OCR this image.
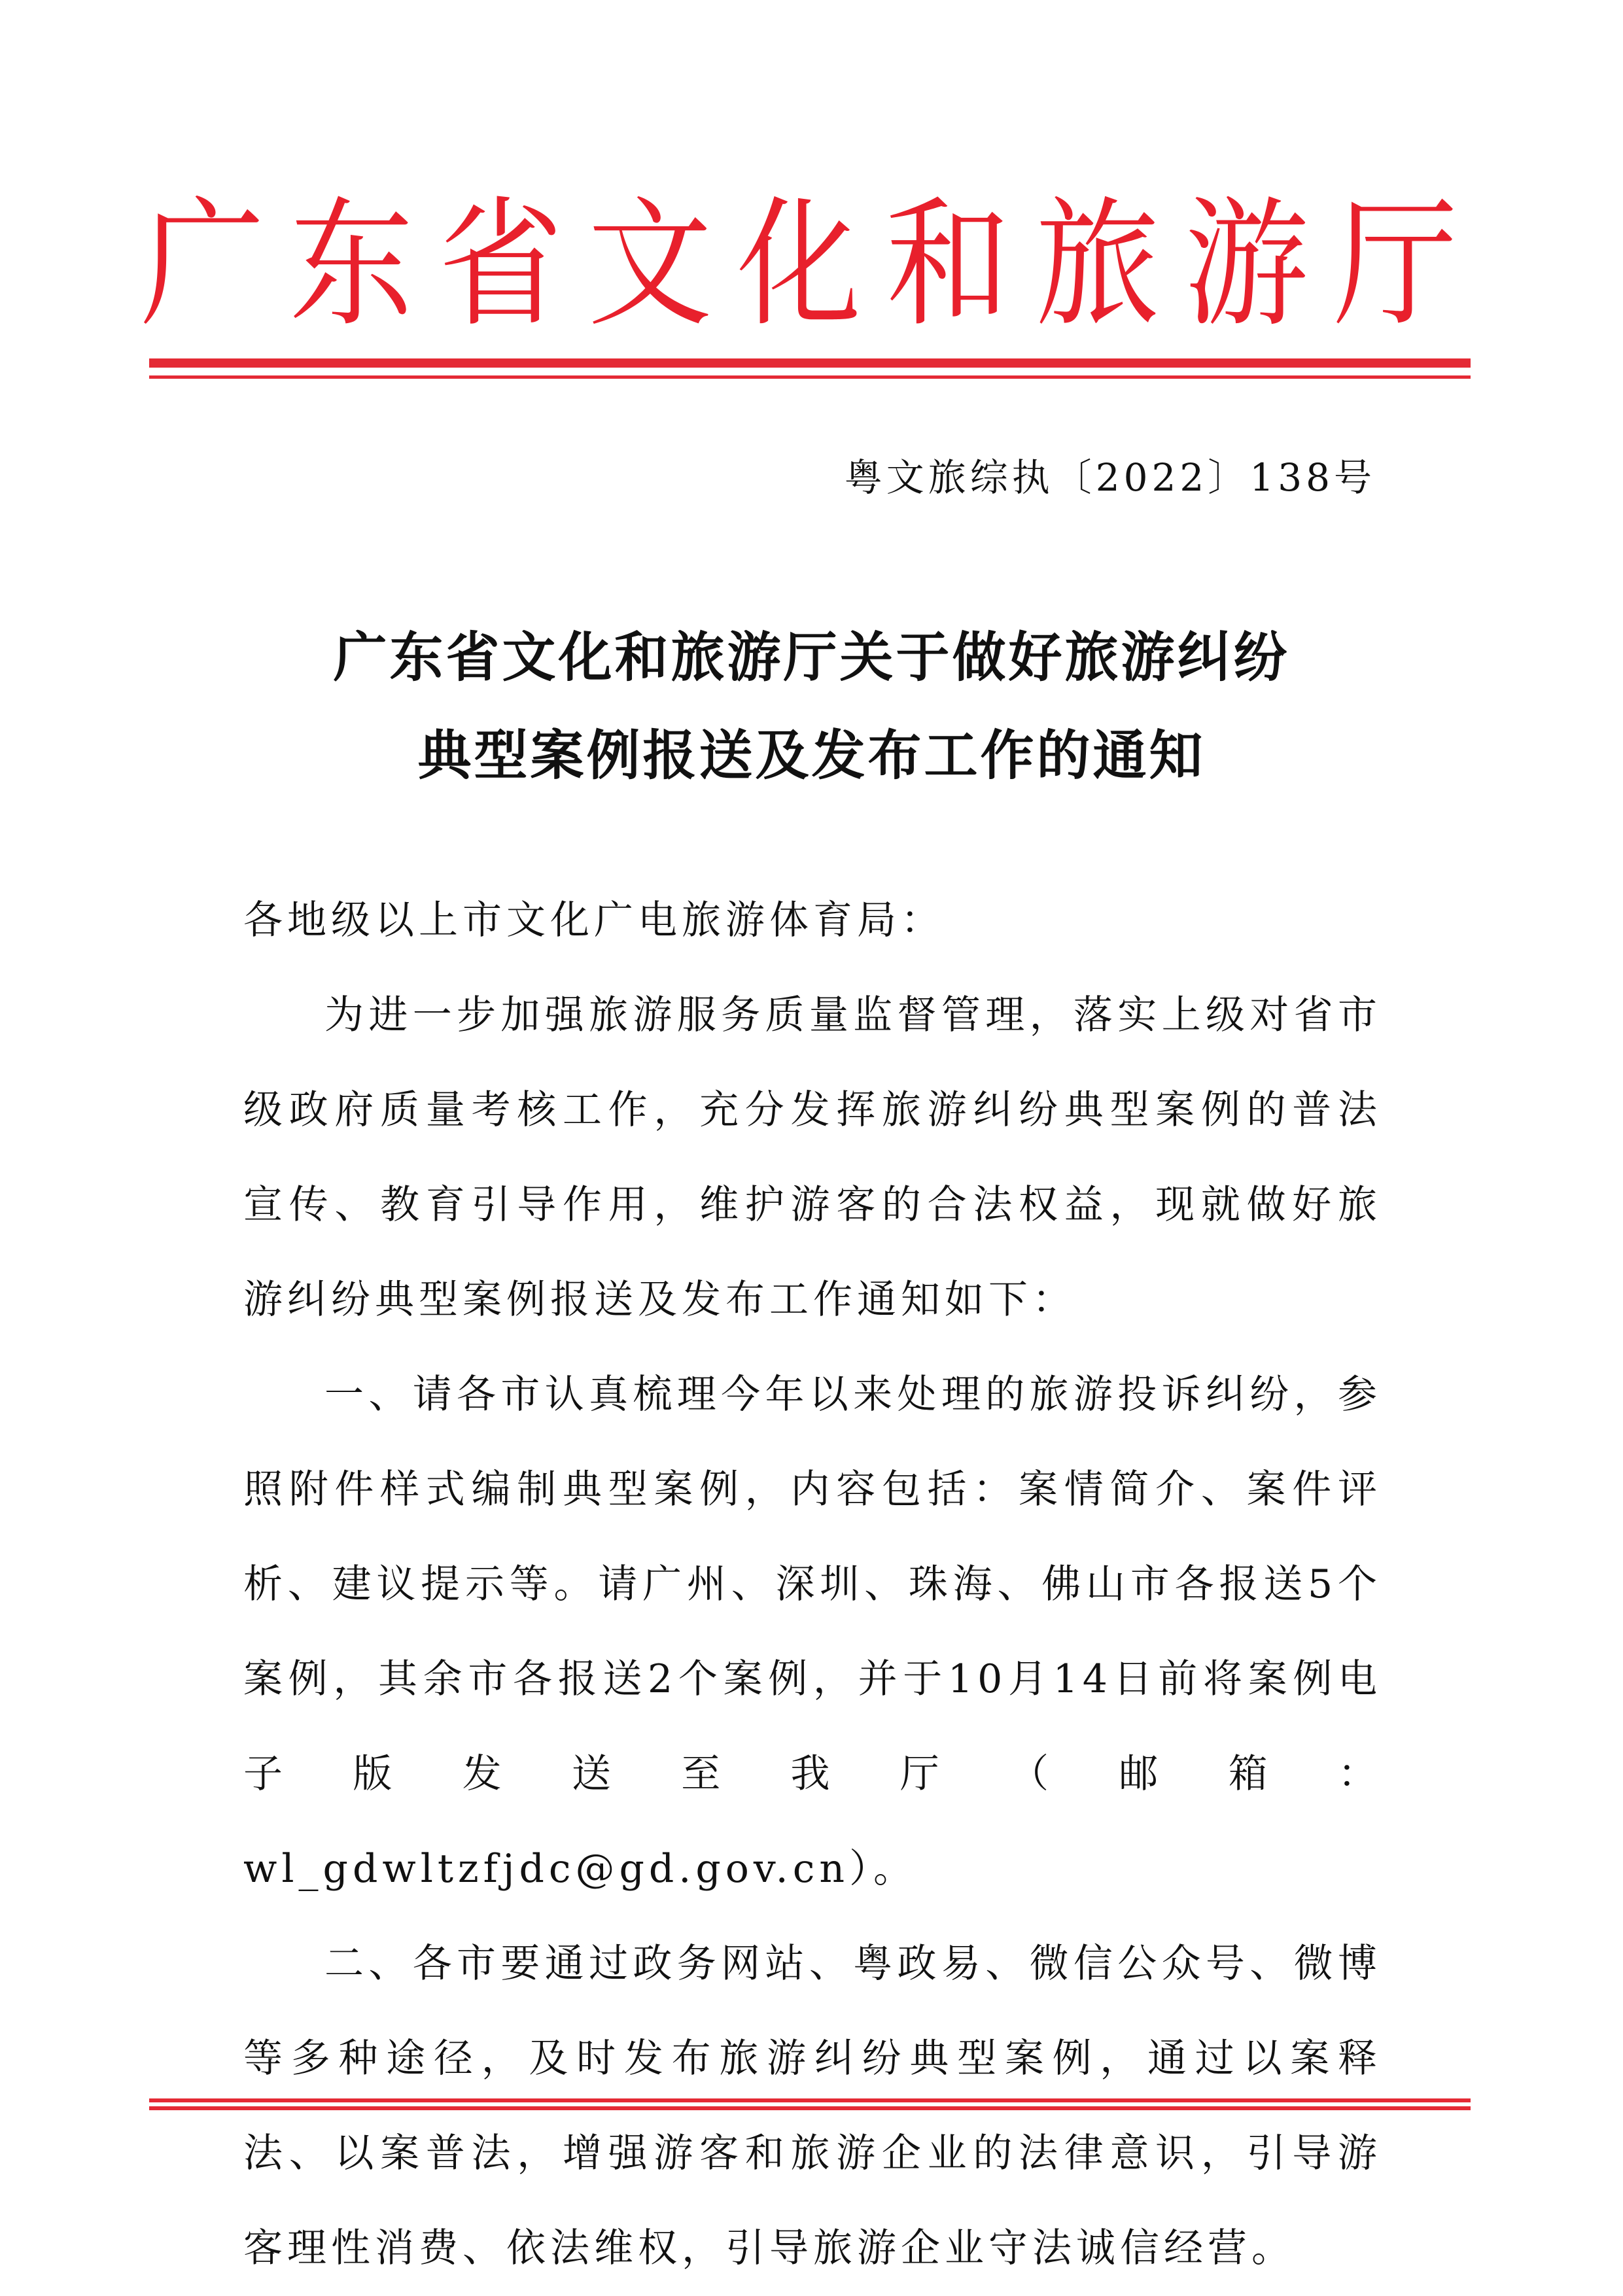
广东省文化和旅游厅
粤文旅综执〔2022〕138号
广东省文化和旅游厅关于做好旅游纠纷
典型案例报送及发布工作的通知

各地级以上市文化广电旅游体育局：

为进一步加强旅游服务质量监督管理，落实上级对省市级政府质量考核工作，充分发挥旅游纠纷典型案例的普法宣传、教育引导作用，维护游客的合法权益，现就做好旅游纠纷典型案例报送及发布工作通知如下：

一、请各市认真梳理今年以来处理的旅游投诉纠纷，参照附件样式编制典型案例，内容包括：案情简介、案件评析、建议提示等。请广州、深圳、珠海、佛山市各报送5个案例，其余市各报送2个案例，并于10月14日前将案例电子版发送至我厅（邮箱：wl_gdwltzfjdc@gd.gov.cn）。

二、各市要通过政务网站、粤政易、微信公众号、微博等多种途径，及时发布旅游纠纷典型案例，通过以案释法、以案普法，增强游客和旅游企业的法律意识，引导游客理性消费、依法维权，引导旅游企业守法诚信经营。
